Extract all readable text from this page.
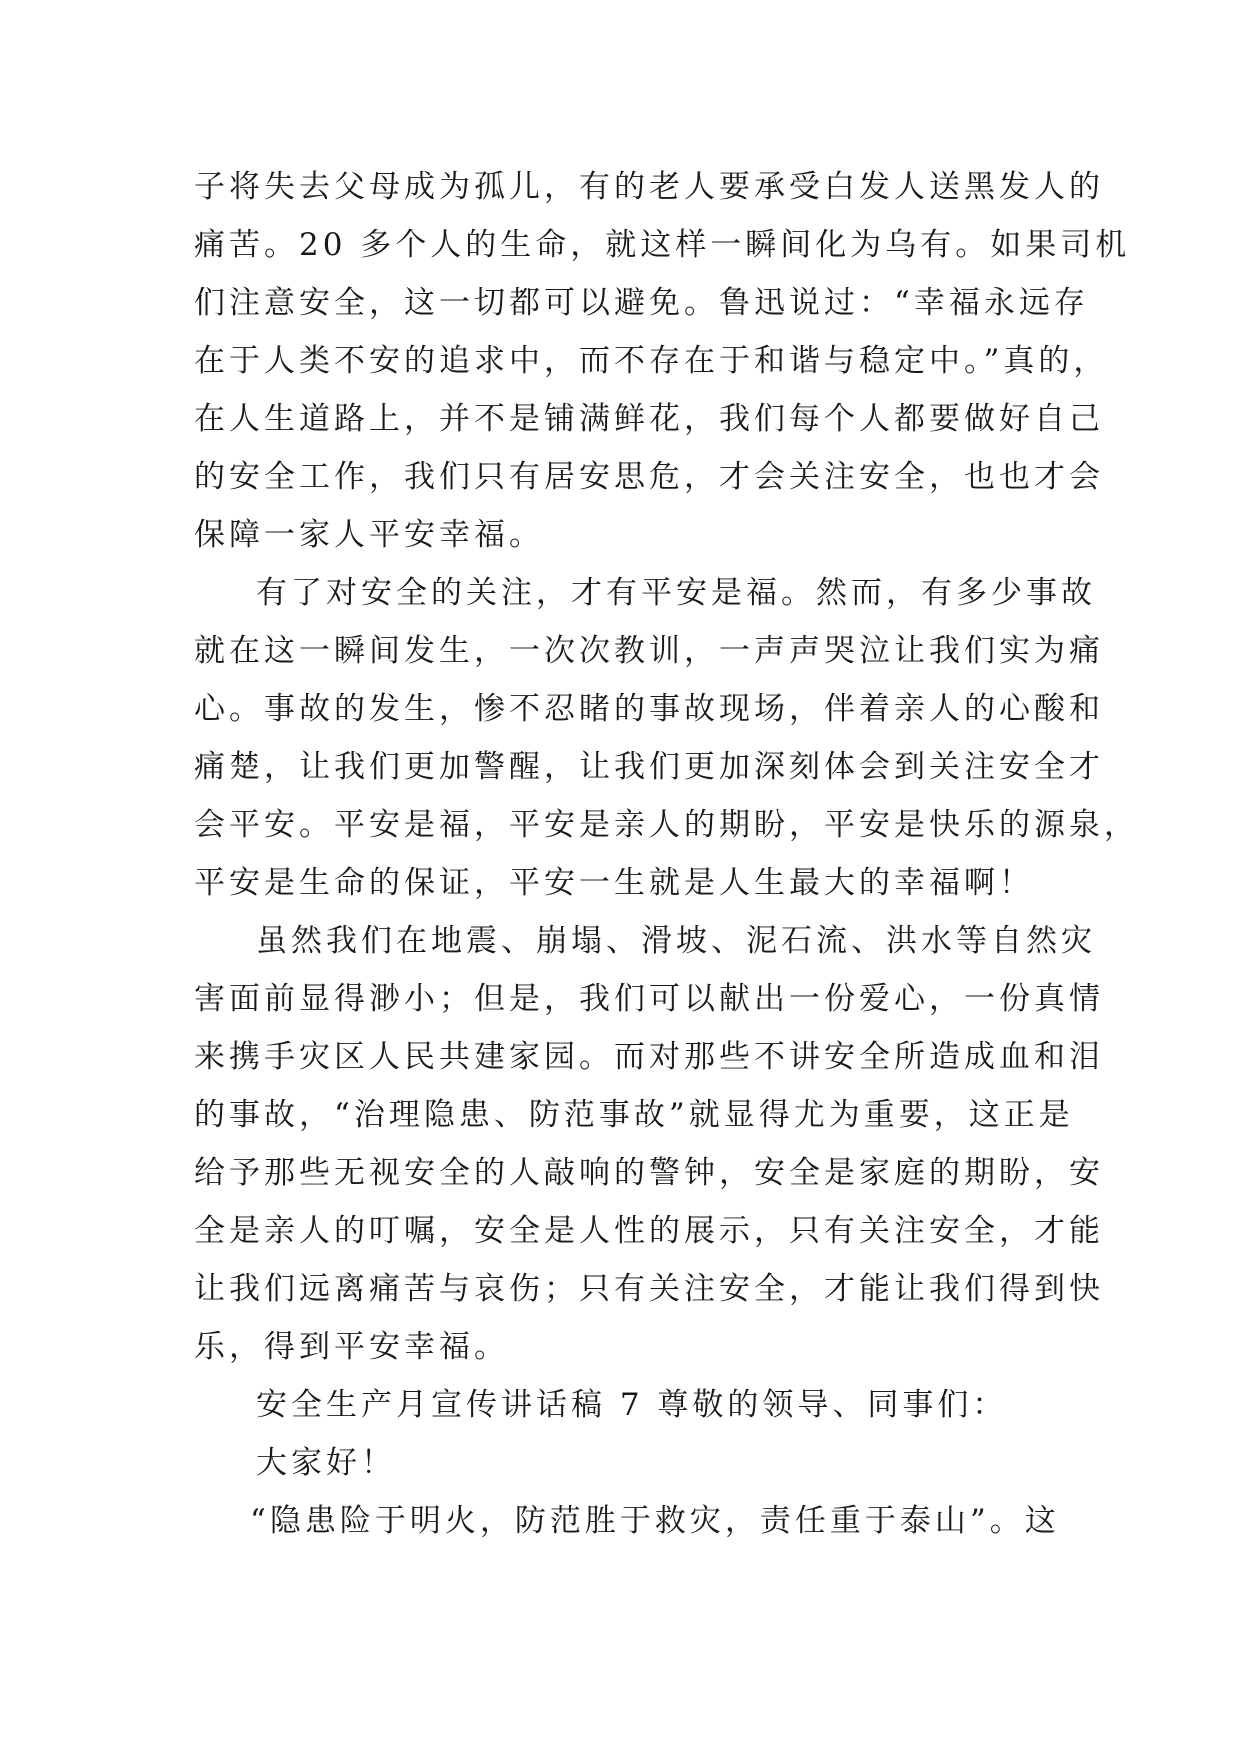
子将失去父母成为孤儿，有的老人要承受白发人送黑发人的
痛苦。20 多个人的生命，就这样一瞬间化为乌有。如果司机
们注意安全，这一切都可以避免。鲁迅说过：“幸福永远存
在于人类不安的追求中，而不存在于和谐与稳定中。”真的，
在人生道路上，并不是铺满鲜花，我们每个人都要做好自己
的安全工作，我们只有居安思危，才会关注安全，也也才会
保障一家人平安幸福。
有了对安全的关注，才有平安是福。然而，有多少事故
就在这一瞬间发生，一次次教训，一声声哭泣让我们实为痛
心。事故的发生，惨不忍睹的事故现场，伴着亲人的心酸和
痛楚，让我们更加警醒，让我们更加深刻体会到关注安全才
会平安。平安是福，平安是亲人的期盼，平安是快乐的源泉，
平安是生命的保证，平安一生就是人生最大的幸福啊！
虽然我们在地震、崩塌、滑坡、泥石流、洪水等自然灾
害面前显得渺小；但是，我们可以献出一份爱心，一份真情
来携手灾区人民共建家园。而对那些不讲安全所造成血和泪
的事故，“治理隐患、防范事故”就显得尤为重要，这正是
给予那些无视安全的人敲响的警钟，安全是家庭的期盼，安
全是亲人的叮嘱，安全是人性的展示，只有关注安全，才能
让我们远离痛苦与哀伤；只有关注安全，才能让我们得到快
乐，得到平安幸福。
安全生产月宣传讲话稿 7 尊敬的领导、同事们：
大家好！
“隐患险于明火，防范胜于救灾，责任重于泰山”。这
